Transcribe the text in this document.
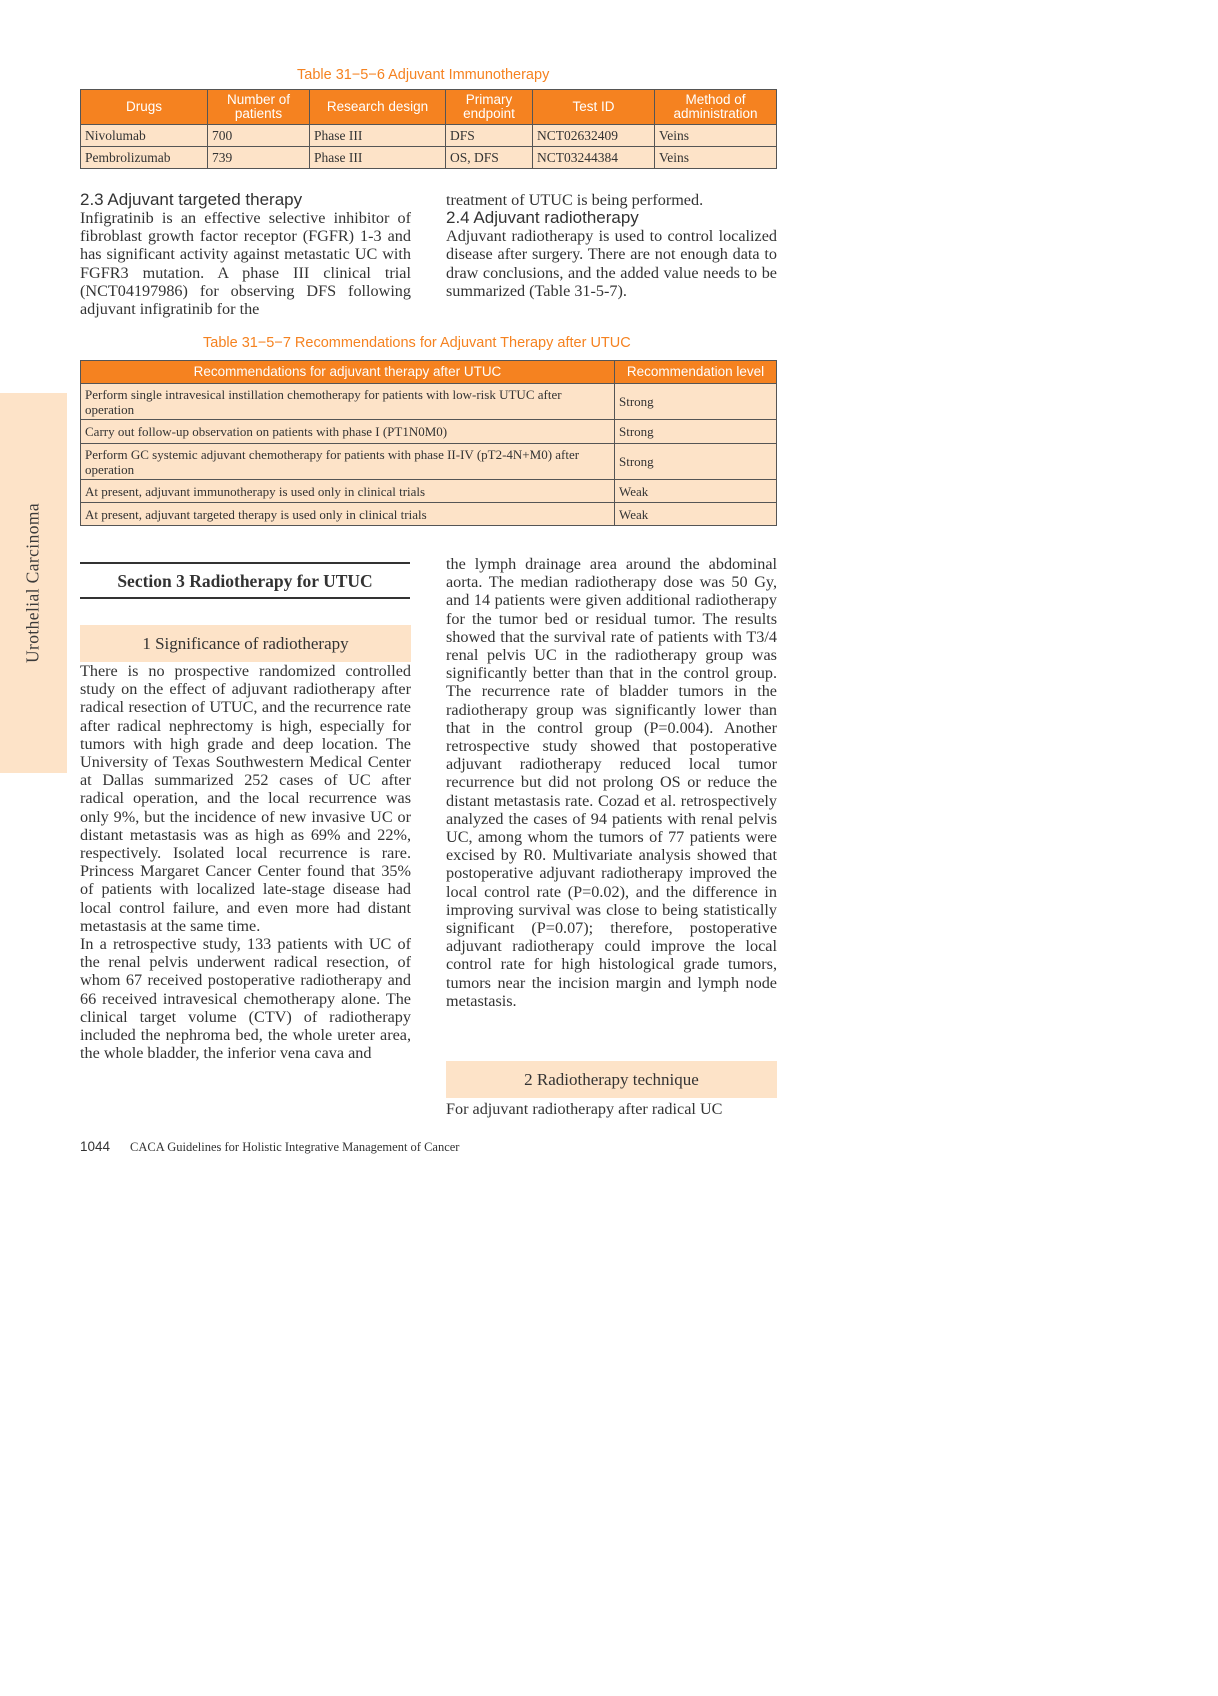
Urothelial Carcinoma
Table 31−5−6 Adjuvant Immunotherapy
Drugs	Number of patients	Research design	Primary endpoint	Test ID	Method of administration
Nivolumab	700	Phase III	DFS	NCT02632409	Veins
Pembrolizumab	739	Phase III	OS, DFS	NCT03244384	Veins

2.3 Adjuvant targeted therapy

Infigratinib is an effective selective inhibitor of fibroblast growth factor receptor (FGFR) 1-3 and has significant activity against metastatic UC with FGFR3 mutation. A phase III clinical trial (NCT04197986) for observing DFS following adjuvant infigratinib for the

treatment of UTUC is being performed.

2.4 Adjuvant radiotherapy

Adjuvant radiotherapy is used to control localized disease after surgery. There are not enough data to draw conclusions, and the added value needs to be summarized (Table 31-5-7).

Table 31−5−7 Recommendations for Adjuvant Therapy after UTUC
Recommendations for adjuvant therapy after UTUC	Recommendation level
Perform single intravesical instillation chemotherapy for patients with low-risk UTUC after operation	Strong
Carry out follow-up observation on patients with phase I (PT1N0M0)	Strong
Perform GC systemic adjuvant chemotherapy for patients with phase II-IV (pT2-4N+M0) after operation	Strong
At present, adjuvant immunotherapy is used only in clinical trials	Weak
At present, adjuvant targeted therapy is used only in clinical trials	Weak
Section 3 Radiotherapy for UTUC
1 Significance of radiotherapy

There is no prospective randomized controlled study on the effect of adjuvant radiotherapy after radical resection of UTUC, and the recurrence rate after radical nephrectomy is high, especially for tumors with high grade and deep location. The University of Texas Southwestern Medical Center at Dallas summarized 252 cases of UC after radical operation, and the local recurrence was only 9%, but the incidence of new invasive UC or distant metastasis was as high as 69% and 22%, respectively. Isolated local recurrence is rare. Princess Margaret Cancer Center found that 35% of patients with localized late-stage disease had local control failure, and even more had distant metastasis at the same time.

In a retrospective study, 133 patients with UC of the renal pelvis underwent radical resection, of whom 67 received postoperative radiotherapy and 66 received intravesical chemotherapy alone. The clinical target volume (CTV) of radiotherapy included the nephroma bed, the whole ureter area, the whole bladder, the inferior vena cava and

the lymph drainage area around the abdominal aorta. The median radiotherapy dose was 50 Gy, and 14 patients were given additional radiotherapy for the tumor bed or residual tumor. The results showed that the survival rate of patients with T3/4 renal pelvis UC in the radiotherapy group was significantly better than that in the control group. The recurrence rate of bladder tumors in the radiotherapy group was significantly lower than that in the control group (P=0.004). Another retrospective study showed that postoperative adjuvant radiotherapy reduced local tumor recurrence but did not prolong OS or reduce the distant metastasis rate. Cozad et al. retrospectively analyzed the cases of 94 patients with renal pelvis UC, among whom the tumors of 77 patients were excised by R0. Multivariate analysis showed that postoperative adjuvant radiotherapy improved the local control rate (P=0.02), and the difference in improving survival was close to being statistically significant (P=0.07); therefore, postoperative adjuvant radiotherapy could improve the local control rate for high histological grade tumors, tumors near the incision margin and lymph node metastasis.

2 Radiotherapy technique

For adjuvant radiotherapy after radical UC

1044 CACA Guidelines for Holistic Integrative Management of Cancer
